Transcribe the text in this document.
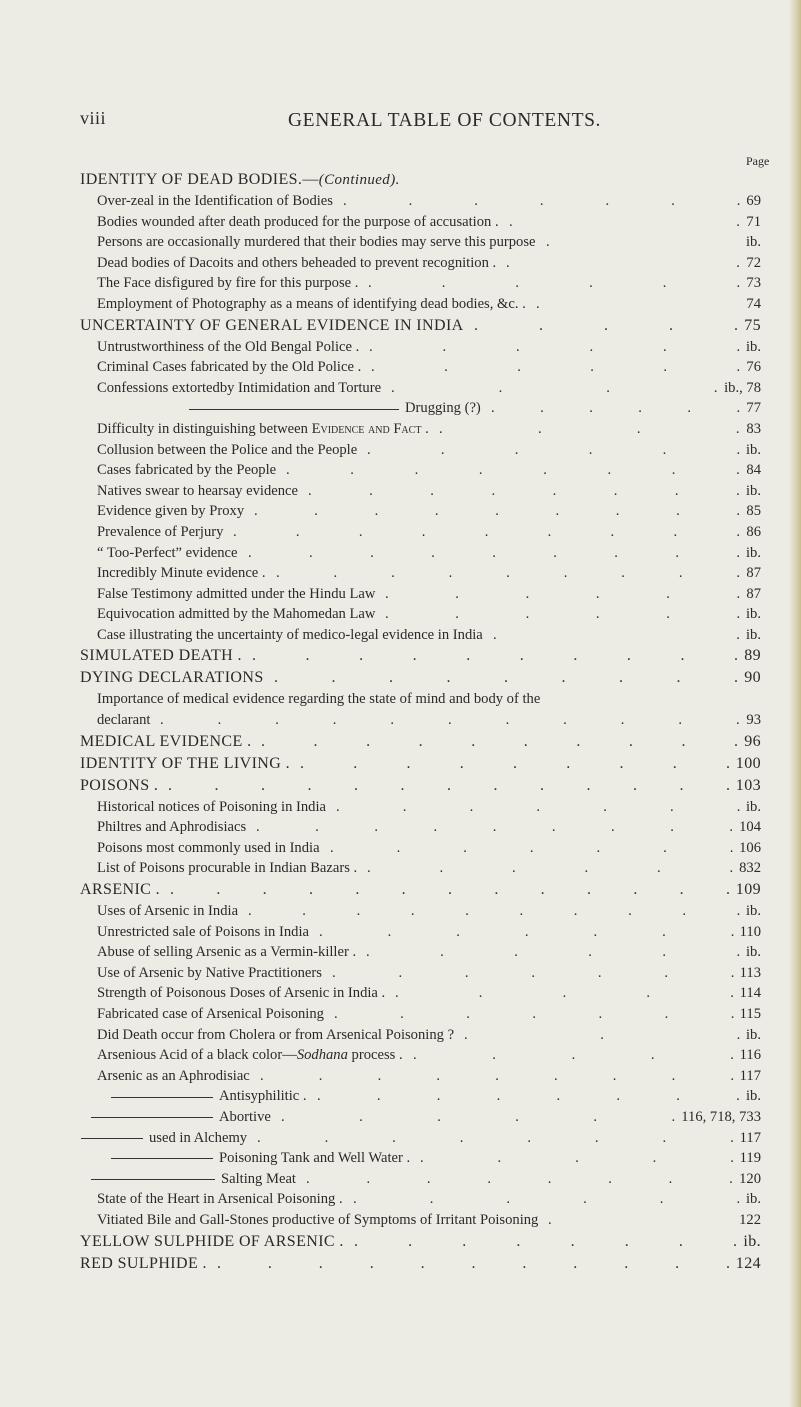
viii	GENERAL TABLE OF CONTENTS.
Page
IDENTITY OF DEAD BODIES.—(Continued).
Over-zeal in the Identification of Bodies	69
. . . . . . .
Bodies wounded after death produced for the purpose of accusation .	71
. .
Persons are occasionally murdered that their bodies may serve this purpose	ib.
.
Dead bodies of Dacoits and others beheaded to prevent recognition .	72
. .
The Face disfigured by fire for this purpose .	73
. . . . . .
Employment of Photography as a means of identifying dead bodies, &c. .	74
.
UNCERTAINTY OF GENERAL EVIDENCE IN INDIA	75
. . . . .
Untrustworthiness of the Old Bengal Police .	ib.
. . . . . .
Criminal Cases fabricated by the Old Police .	76
. . . . . .
Confessions extortedby Intimidation and Torture	ib., 78
. . . .
Drugging (?)	77
. . . . . .
Difficulty in distinguishing between Evidence and Fact .	83
. . . .
Collusion between the Police and the People	ib.
. . . . . .
Cases fabricated by the People	84
. . . . . . . .
Natives swear to hearsay evidence	ib.
. . . . . . . .
Evidence given by Proxy	85
. . . . . . . . .
Prevalence of Perjury	86
. . . . . . . . .
“ Too-Perfect” evidence	ib.
. . . . . . . . .
Incredibly Minute evidence .	87
. . . . . . . . .
False Testimony admitted under the Hindu Law	87
. . . . . .
Equivocation admitted by the Mahomedan Law	ib.
. . . . . .
Case illustrating the uncertainty of medico-legal evidence in India	ib.
. .
SIMULATED DEATH .	89
. . . . . . . . . .
DYING DECLARATIONS	90
. . . . . . . . .
Importance of medical evidence regarding the state of mind and body of the
declarant	93
. . . . . . . . . . .
MEDICAL EVIDENCE .	96
. . . . . . . . . .
IDENTITY OF THE LIVING .	100
. . . . . . . . .
POISONS .	103
. . . . . . . . . . . . .
Historical notices of Poisoning in India	ib.
. . . . . . .
Philtres and Aphrodisiacs	104
. . . . . . . . .
Poisons most commonly used in India	106
. . . . . . .
List of Poisons procurable in Indian Bazars .	832
. . . . . .
ARSENIC .	109
. . . . . . . . . . . . .
Uses of Arsenic in India	ib.
. . . . . . . . . .
Unrestricted sale of Poisons in India	110
. . . . . . .
Abuse of selling Arsenic as a Vermin-killer .	ib.
. . . . . .
Use of Arsenic by Native Practitioners	113
. . . . . . .
Strength of Poisonous Doses of Arsenic in India .	114
. . . . .
Fabricated case of Arsenical Poisoning	115
. . . . . . .
Did Death occur from Cholera or from Arsenical Poisoning ?	ib.
. . .
Arsenious Acid of a black color—Sodhana process .	116
. . . . .
Arsenic as an Aphrodisiac	117
. . . . . . . . .
Antisyphilitic .	ib.
. . . . . . . .
Abortive	116, 718, 733
. . . . . .
used in Alchemy	117
. . . . . . . .
Poisoning Tank and Well Water .	119
. . . . .
Salting Meat	120
. . . . . . . .
State of the Heart in Arsenical Poisoning .	ib.
. . . . . .
Vitiated Bile and Gall-Stones productive of Symptoms of Irritant Poisoning	122
.
YELLOW SULPHIDE OF ARSENIC .	ib.
. . . . . . . .
RED SULPHIDE .	124
. . . . . . . . . . .
